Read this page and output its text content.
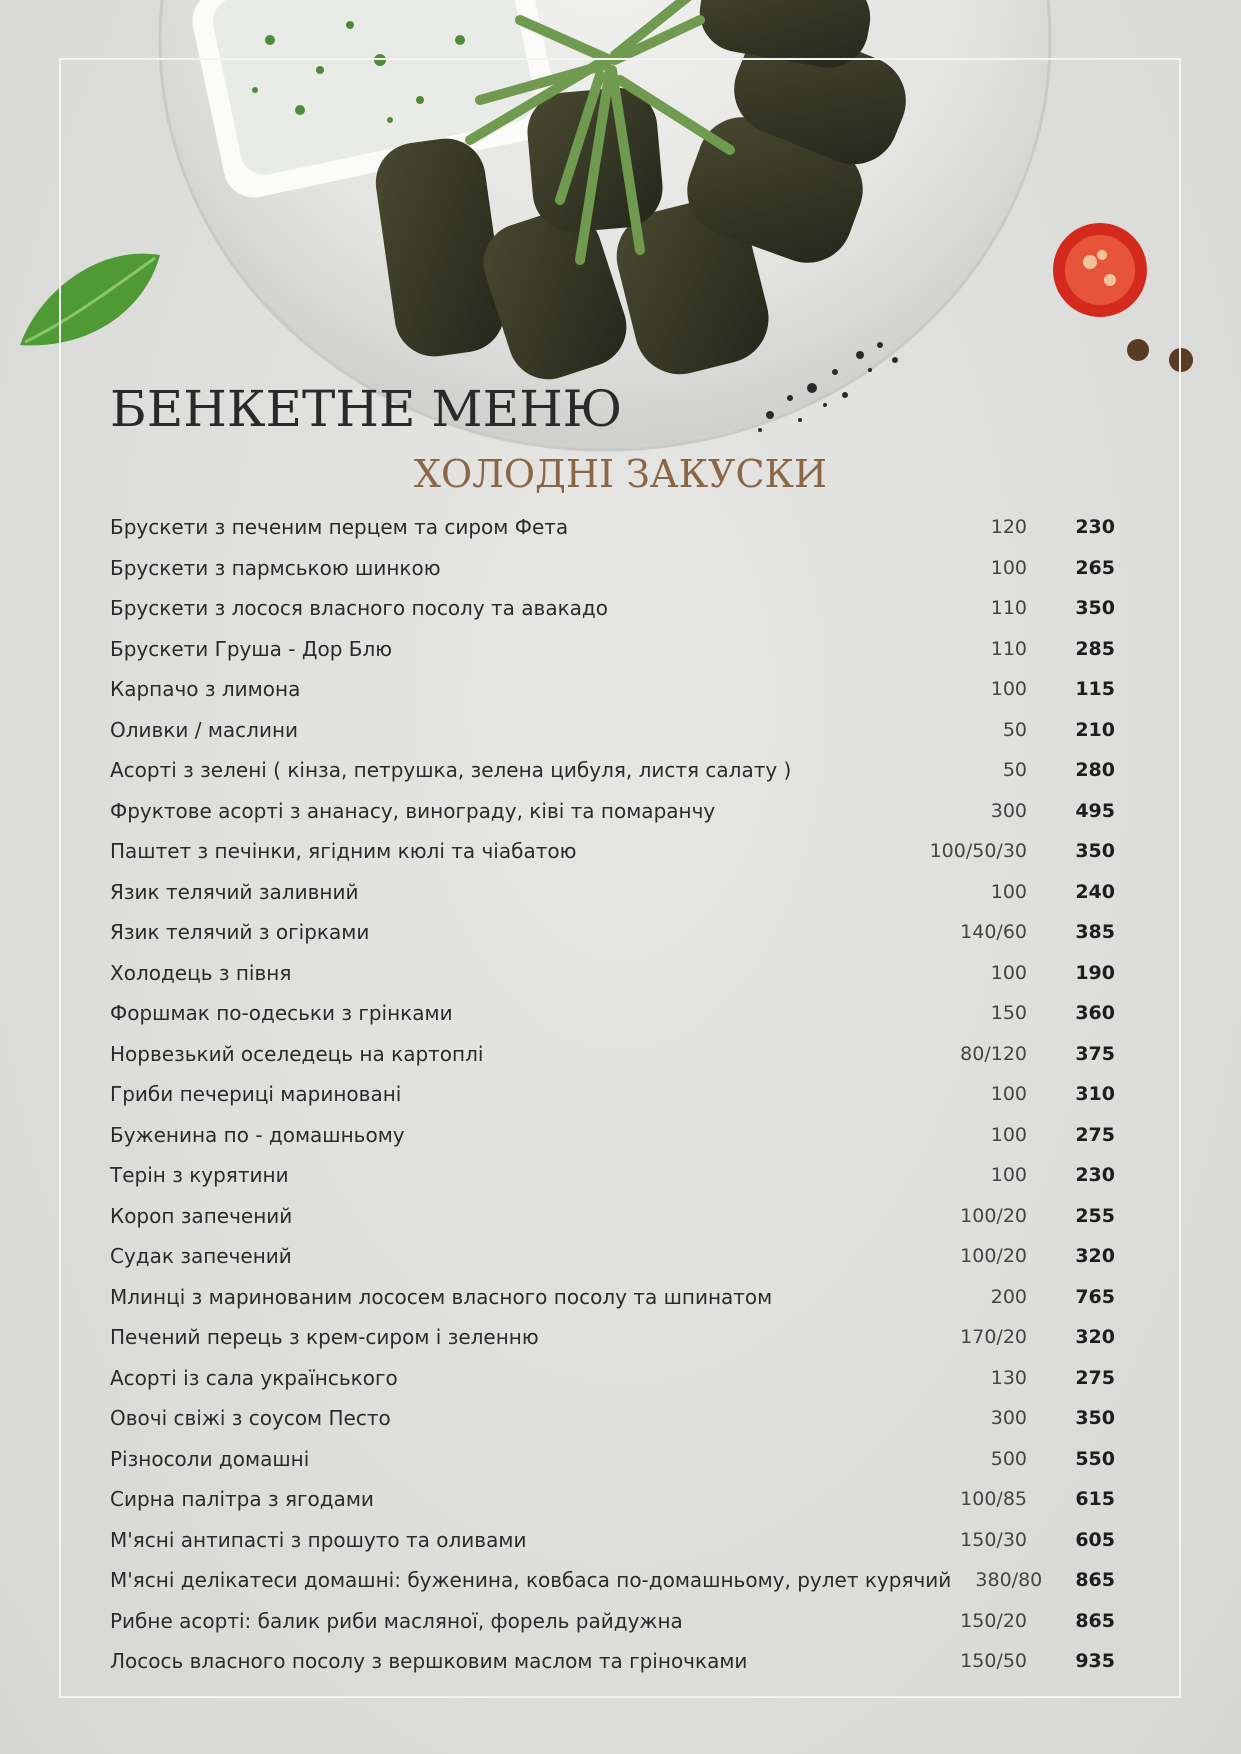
БЕНКЕТНЕ МЕНЮ
ХОЛОДНІ ЗАКУСКИ
Брускети з печеним перцем та сиром Фета	120	230
Брускети з пармською шинкою	100	265
Брускети з лосося власного посолу та авакадо	110	350
Брускети Груша - Дор Блю	110	285
Карпачо з лимона	100	115
Оливки / маслини	50	210
Асорті з зелені ( кінза, петрушка, зелена цибуля, листя салату )	50	280
Фруктове асорті з ананасу, винограду, ківі та помаранчу	300	495
Паштет з печінки, ягідним кюлі та чіабатою	100/50/30	350
Язик телячий заливний	100	240
Язик телячий з огірками	140/60	385
Холодець з півня	100	190
Форшмак по-одеськи з грінками	150	360
Норвезький оселедець на картоплі	80/120	375
Гриби печериці мариновані	100	310
Буженина по - домашньому	100	275
Терін з курятини	100	230
Короп запечений	100/20	255
Судак запечений	100/20	320
Млинці з маринованим лососем власного посолу та шпинатом	200	765
Печений перець з крем-сиром і зеленню	170/20	320
Асорті із сала українського	130	275
Овочі свіжі з соусом Песто	300	350
Різносоли домашні	500	550
Сирна палітра з ягодами	100/85	615
М'ясні антипасті з прошуто та оливами	150/30	605
М'ясні делікатеси домашні: буженина, ковбаса по-домашньому, рулет курячий	380/80	865
Рибне асорті: балик риби масляної, форель райдужна	150/20	865
Лосось власного посолу з вершковим маслом та гріночками	150/50	935
